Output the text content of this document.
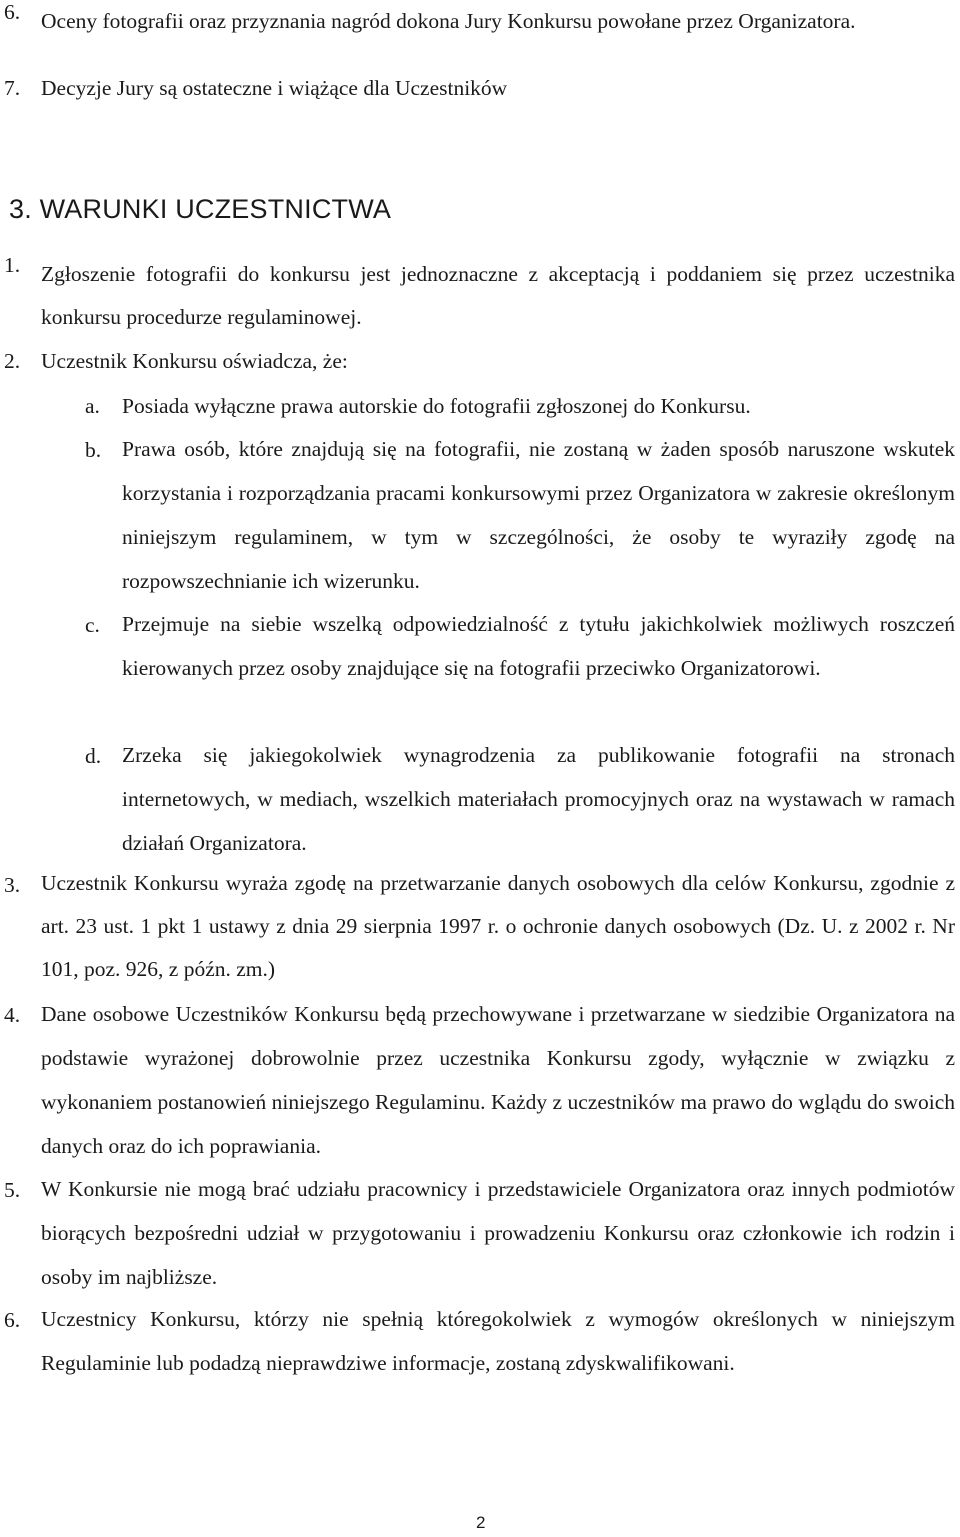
6. Oceny fotografii oraz przyznania nagród dokona Jury Konkursu powołane przez Organizatora.
7. Decyzje Jury są ostateczne i wiążące dla Uczestników
3. WARUNKI UCZESTNICTWA
1. Zgłoszenie fotografii do konkursu jest jednoznaczne z akceptacją i poddaniem się przez uczestnika konkursu procedurze regulaminowej.
2. Uczestnik Konkursu oświadcza, że:
a.	Posiada wyłączne prawa autorskie do fotografii zgłoszonej do Konkursu.
b. Prawa osób, które znajdują się na fotografii, nie zostaną w żaden sposób naruszone wskutek korzystania i rozporządzania pracami konkursowymi przez Organizatora w zakresie określonym niniejszym regulaminem, w tym w szczególności, że osoby te wyraziły zgodę na rozpowszechnianie ich wizerunku.
c.	Przejmuje na siebie wszelką odpowiedzialność z tytułu jakichkolwiek możliwych roszczeń kierowanych przez osoby znajdujące się na fotografii przeciwko Organizatorowi.
d. Zrzeka się jakiegokolwiek wynagrodzenia za publikowanie fotografii na stronach internetowych, w mediach, wszelkich materiałach promocyjnych oraz na wystawach w ramach działań Organizatora.
3. Uczestnik Konkursu wyraża zgodę na przetwarzanie danych osobowych dla celów Konkursu, zgodnie z art. 23 ust. 1 pkt 1 ustawy z dnia 29 sierpnia 1997 r. o ochronie danych osobowych (Dz. U. z 2002 r. Nr 101, poz. 926, z późn. zm.)
4. Dane osobowe Uczestników Konkursu będą przechowywane i przetwarzane w siedzibie Organizatora na podstawie wyrażonej dobrowolnie przez uczestnika Konkursu zgody, wyłącznie w związku z wykonaniem postanowień niniejszego Regulaminu. Każdy z uczestników ma prawo do wglądu do swoich danych oraz do ich poprawiania.
5. W Konkursie nie mogą brać udziału pracownicy i przedstawiciele Organizatora oraz innych podmiotów biorących bezpośredni udział w przygotowaniu i prowadzeniu Konkursu oraz członkowie ich rodzin i osoby im najbliższe.
6. Uczestnicy Konkursu, którzy nie spełnią któregokolwiek z wymogów określonych w niniejszym Regulaminie lub podadzą nieprawdziwe informacje, zostaną zdyskwalifikowani.
2
